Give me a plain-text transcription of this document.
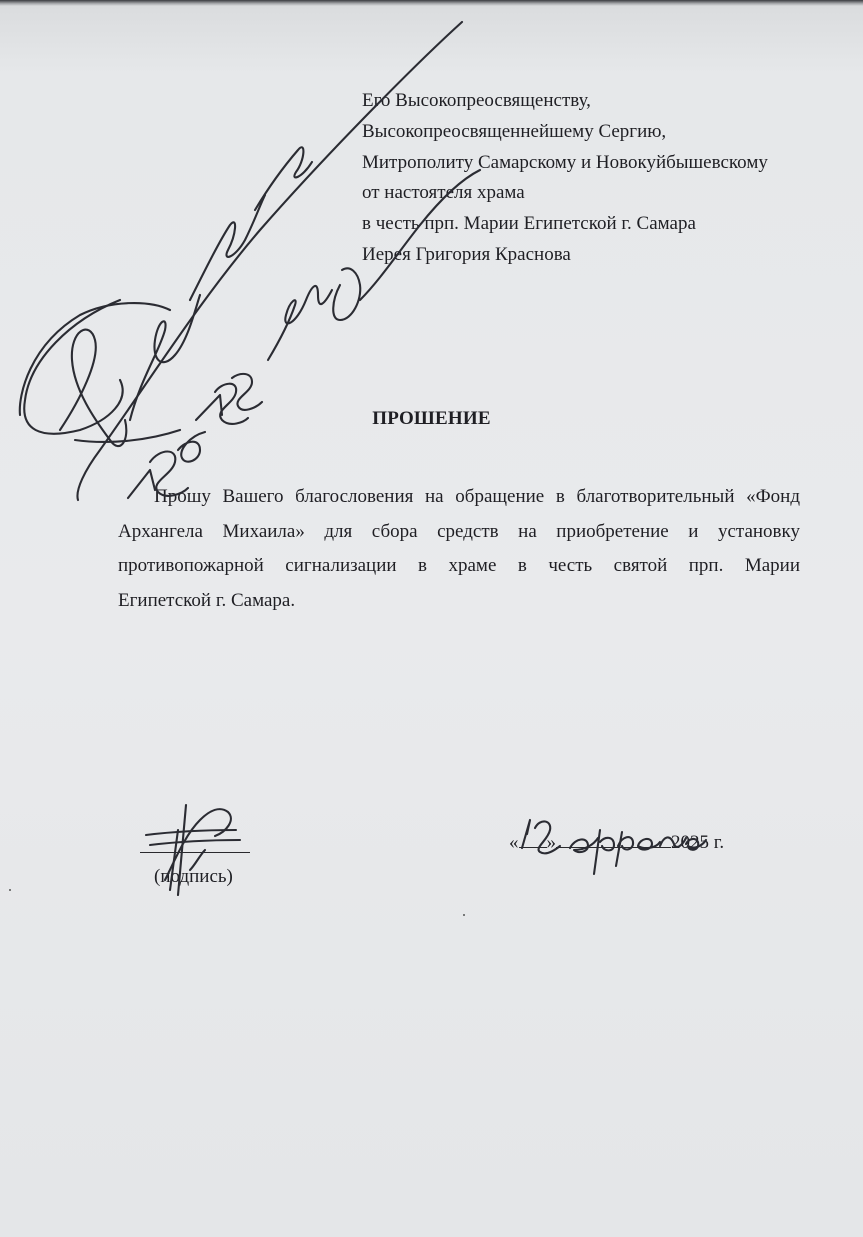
Его Высокопреосвященству,
Высокопреосвященнейшему Сергию,
Митрополиту Самарскому и Новокуйбышевскому
от настоятеля храма
в честь прп. Марии Египетской г. Самара
Иерея Григория Краснова
ПРОШЕНИЕ
Прошу Вашего благословения на обращение в благотворительный «Фонд
Архангела Михаила» для сбора средств на приобретение и установку
противопожарной сигнализации в храме в честь святой прп. Марии
Египетской г. Самара.
(подпись)
« »	2025 г.
